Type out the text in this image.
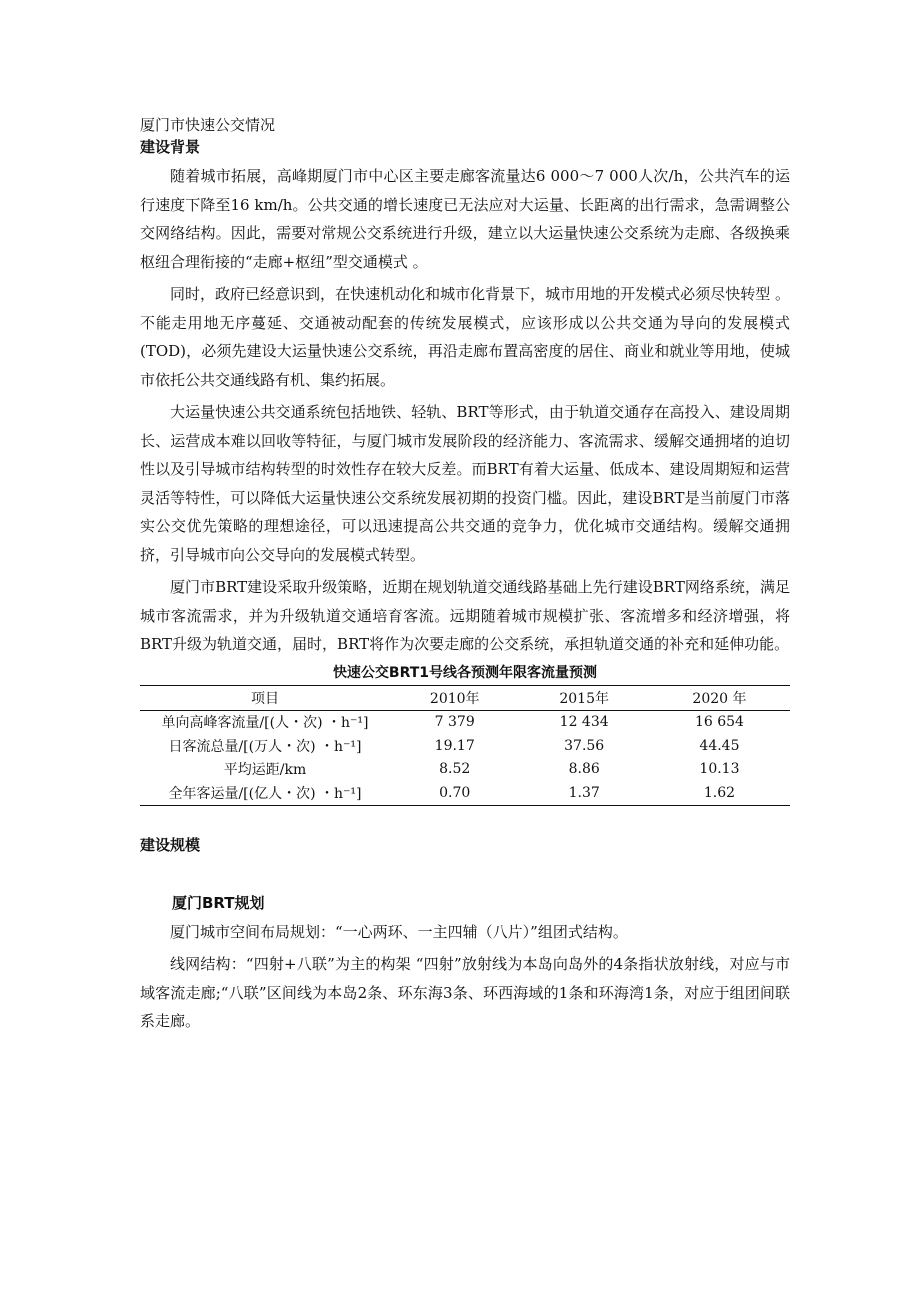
厦门市快速公交情况

建设背景

随着城市拓展，高峰期厦门市中心区主要走廊客流量达6 000～7 000人次/h，公共汽车的运行速度下降至16 km/h。公共交通的增长速度已无法应对大运量、长距离的出行需求，急需调整公交网络结构。因此，需要对常规公交系统进行升级，建立以大运量快速公交系统为走廊、各级换乘枢纽合理衔接的“走廊+枢纽”型交通模式 。

同时，政府已经意识到，在快速机动化和城市化背景下，城市用地的开发模式必须尽快转型 。不能走用地无序蔓延、交通被动配套的传统发展模式，应该形成以公共交通为导向的发展模式(TOD)，必须先建设大运量快速公交系统，再沿走廊布置高密度的居住、商业和就业等用地，使城市依托公共交通线路有机、集约拓展。

大运量快速公共交通系统包括地铁、轻轨、BRT等形式，由于轨道交通存在高投入、建设周期长、运营成本难以回收等特征，与厦门城市发展阶段的经济能力、客流需求、缓解交通拥堵的迫切性以及引导城市结构转型的时效性存在较大反差。而BRT有着大运量、低成本、建设周期短和运营灵活等特性，可以降低大运量快速公交系统发展初期的投资门槛。因此，建设BRT是当前厦门市落实公交优先策略的理想途径，可以迅速提高公共交通的竞争力，优化城市交通结构。缓解交通拥挤，引导城市向公交导向的发展模式转型。

厦门市BRT建设采取升级策略，近期在规划轨道交通线路基础上先行建设BRT网络系统，满足城市客流需求，并为升级轨道交通培育客流。远期随着城市规模扩张、客流增多和经济增强，将BRT升级为轨道交通，届时，BRT将作为次要走廊的公交系统，承担轨道交通的补充和延伸功能。

快速公交BRT1号线各预测年限客流量预测
项目	2010年	2015年	2020 年
单向高峰客流量/[(人・次) ・h⁻¹]	7 379	12 434	16 654
日客流总量/[(万人・次) ・h⁻¹]	19.17	37.56	44.45
平均运距/km	8.52	8.86	10.13
全年客运量/[(亿人・次) ・h⁻¹]	0.70	1.37	1.62

建设规模

厦门BRT规划

厦门城市空间布局规划：“一心两环、一主四辅（八片）”组团式结构。

线网结构：“四射+八联”为主的构架 “四射”放射线为本岛向岛外的4条指状放射线，对应与市域客流走廊;“八联”区间线为本岛2条、环东海3条、环西海域的1条和环海湾1条，对应于组团间联系走廊。
